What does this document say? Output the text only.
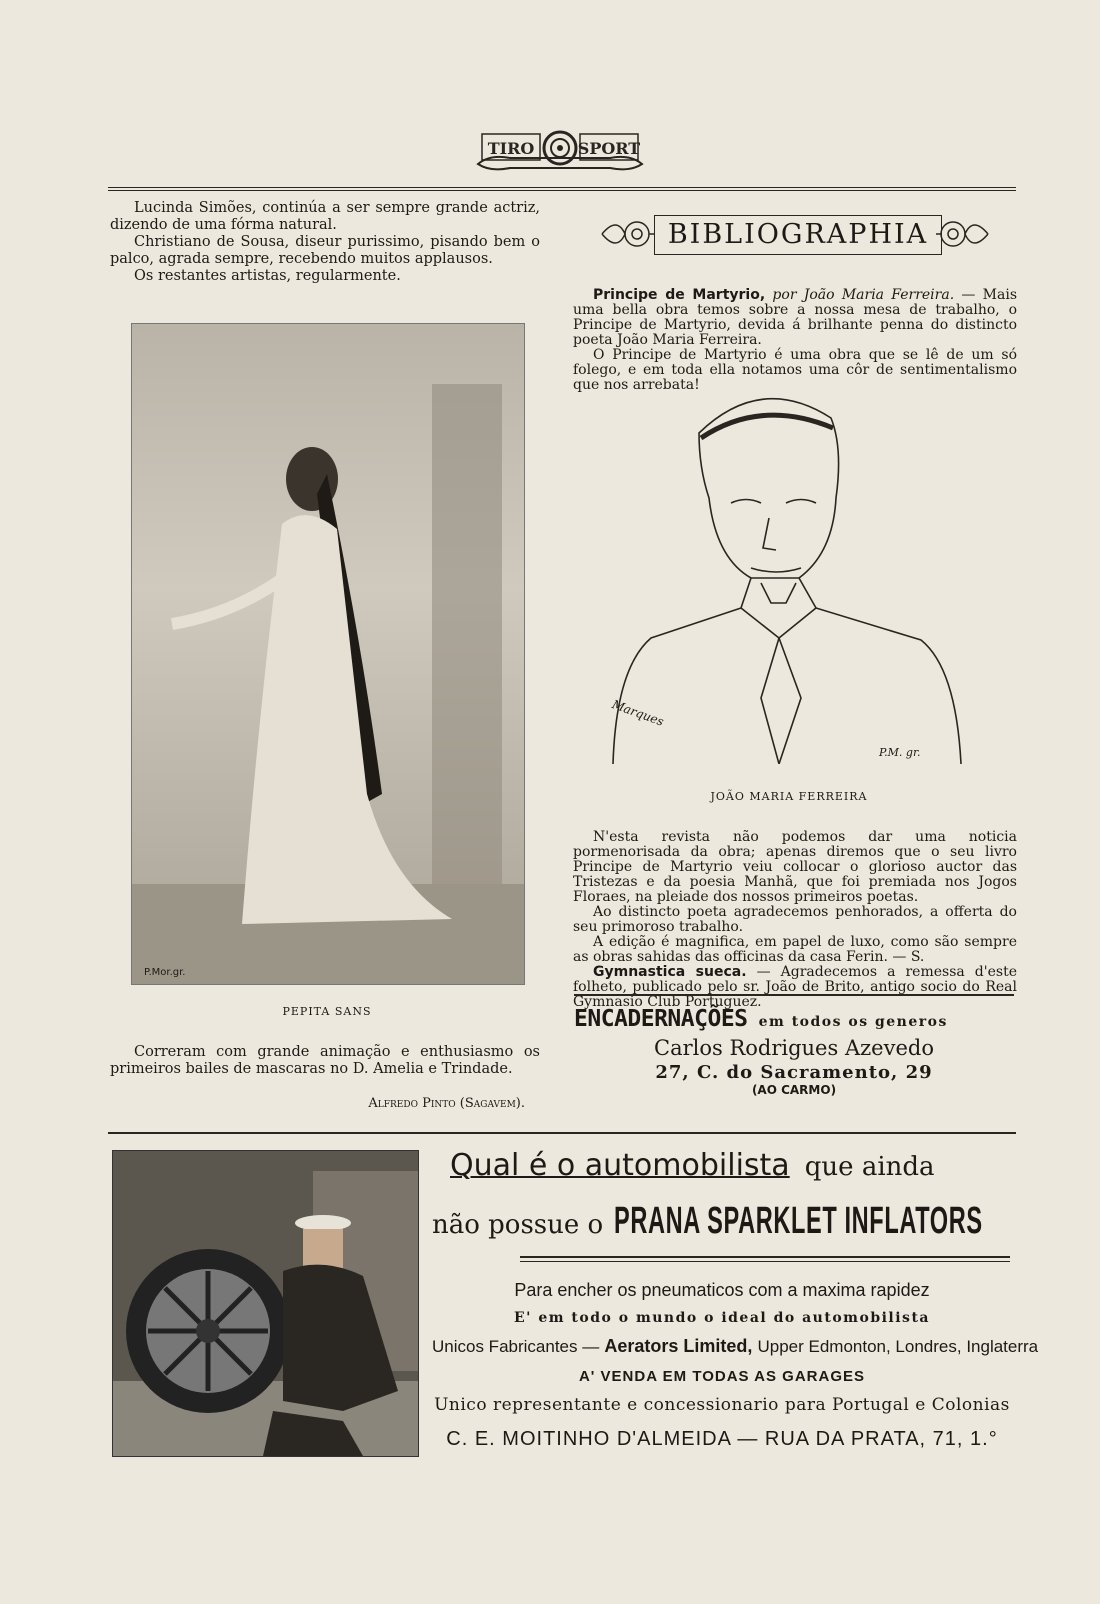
TIRO	SPORT

Lucinda Simões, continúa a ser sempre grande actriz, dizendo de uma fórma natural.

Christiano de Sousa, diseur purissimo, pisando bem o palco, agrada sempre, recebendo muitos applausos.

Os restantes artistas, regularmente.

P.Mor.gr.
PEPITA SANS

Correram com grande animação e enthusiasmo os primeiros bailes de mascaras no D. Amelia e Trindade.

Alfredo Pinto (Sagavem).
BIBLIOGRAPHIA

Principe de Martyrio, por João Maria Ferreira. — Mais uma bella obra temos sobre a nossa mesa de trabalho, o Principe de Martyrio, devida á brilhante penna do distincto poeta João Maria Ferreira.

O Principe de Martyrio é uma obra que se lê de um só folego, e em toda ella notamos uma côr de sentimentalismo que nos arrebata!

Marques
P.M. gr.
JOÃO MARIA FERREIRA

N'esta revista não podemos dar uma noticia pormenorisada da obra; apenas diremos que o seu livro Principe de Martyrio veiu collocar o glorioso auctor das Tristezas e da poesia Manhã, que foi premiada nos Jogos Floraes, na pleiade dos nossos primeiros poetas.

Ao distincto poeta agradecemos penhorados, a offerta do seu primoroso trabalho.

A edição é magnifica, em papel de luxo, como são sempre as obras sahidas das officinas da casa Ferin. — S.

Gymnastica sueca. — Agradecemos a remessa d'este folheto, publicado pelo sr. João de Brito, antigo socio do Real Gymnasio Club Portuguez.

ENCADERNAÇÕES em todos os generos
Carlos Rodrigues Azevedo
27, C. do Sacramento, 29
(AO CARMO)
Qual é o automobilista que ainda
não possue o PRANA SPARKLET INFLATORS
Para encher os pneumaticos com a maxima rapidez
E' em todo o mundo o ideal do automobilista
Unicos Fabricantes — Aerators Limited, Upper Edmonton, Londres, Inglaterra
A' VENDA EM TODAS AS GARAGES
Unico representante e concessionario para Portugal e Colonias
C. E. MOITINHO D'ALMEIDA — RUA DA PRATA, 71, 1.°
